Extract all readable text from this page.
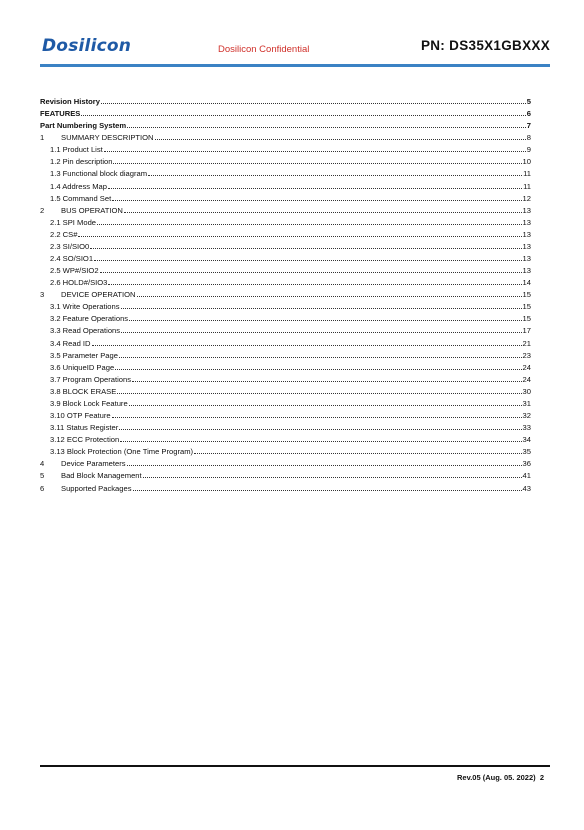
Dosilicon	Dosilicon Confidential	PN: DS35X1GBXXX
Revision History	5
FEATURES	6
Part Numbering System	7
1	SUMMARY DESCRIPTION	8
1.1 Product List	9
1.2 Pin description	10
1.3 Functional block diagram	11
1.4 Address Map	11
1.5 Command Set	12
2	BUS OPERATION	13
2.1 SPI Mode	13
2.2 CS#	13
2.3 SI/SIO0	13
2.4 SO/SIO1	13
2.5 WP#/SIO2	13
2.6 HOLD#/SIO3	14
3	DEVICE OPERATION	15
3.1 Write Operations	15
3.2 Feature Operations	15
3.3 Read Operations	17
3.4 Read ID	21
3.5 Parameter Page	23
3.6 UniqueID Page	24
3.7 Program Operations	24
3.8 BLOCK ERASE	30
3.9 Block Lock Feature	31
3.10 OTP Feature	32
3.11 Status Register	33
3.12 ECC Protection	34
3.13 Block Protection (One Time Program)	35
4	Device Parameters	36
5	Bad Block Management	41
6	Supported Packages	43
Rev.05 (Aug. 05. 2022) 2
